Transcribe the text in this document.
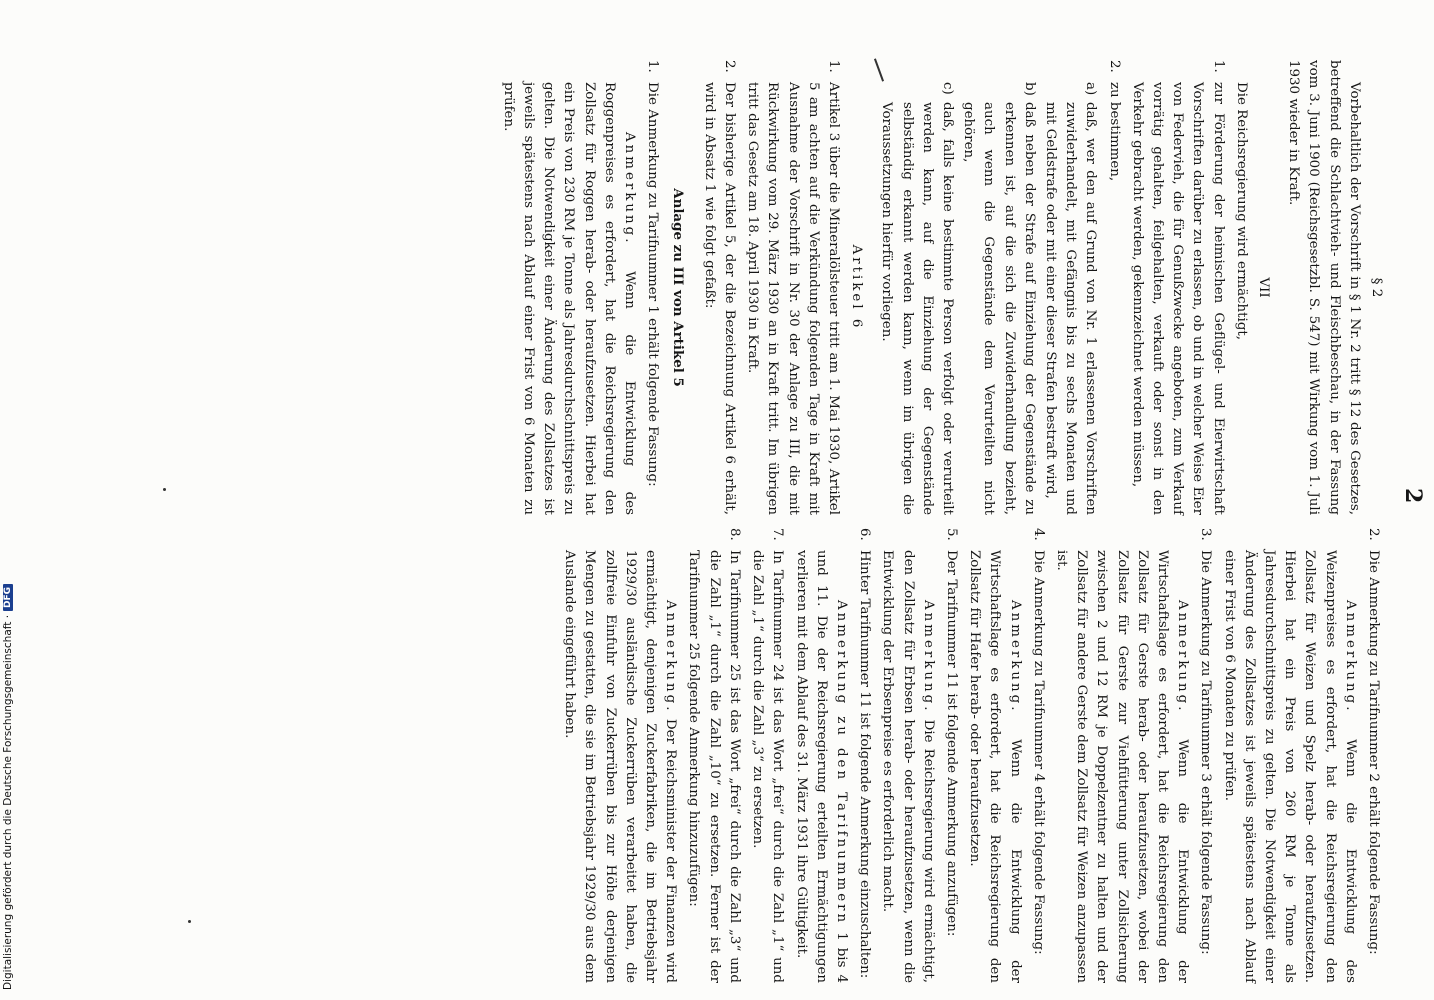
2
§ 2

Vorbehaltlich der Vorschrift in § 1 Nr. 2 tritt § 12 des Gesetzes, betreffend die Schlachtvieh- und Fleischbeschau, in der Fassung vom 3. Juni 1900 (Reichsgesetzbl. S. 547) mit Wirkung vom 1. Juli 1930 wieder in Kraft.

VII

Die Reichsregierung wird ermächtigt,

1.
zur Förderung der heimischen Geflügel- und Eierwirtschaft Vorschriften darüber zu erlassen, ob und in welcher Weise Eier von Federvieh, die für Genußzwecke angeboten, zum Verkauf vorrätig gehalten, feilgehalten, verkauft oder sonst in den Verkehr gebracht werden, gekennzeichnet werden müssen,
2.
zu bestimmen,
a)
daß, wer den auf Grund von Nr. 1 erlassenen Vorschriften zuwiderhandelt, mit Gefängnis bis zu sechs Monaten und mit Geldstrafe oder mit einer dieser Strafen bestraft wird,
b)
daß neben der Strafe auf Einziehung der Gegenstände zu erkennen ist, auf die sich die Zuwiderhandlung bezieht, auch wenn die Gegenstände dem Verurteilten nicht gehören,
c)
daß, falls keine bestimmte Person verfolgt oder verurteilt werden kann, auf die Einziehung der Gegenstände selbständig erkannt werden kann, wenn im übrigen die Voraussetzungen hierfür vorliegen.
Artikel 6
1.
Artikel 3 über die Mineralölsteuer tritt am 1. Mai 1930, Artikel 5 am achten auf die Verkündung folgenden Tage in Kraft mit Ausnahme der Vorschrift in Nr. 30 der Anlage zu III, die mit Rückwirkung vom 29. März 1930 an in Kraft tritt. Im übrigen tritt das Gesetz am 18. April 1930 in Kraft.
2.
Der bisherige Artikel 5, der die Bezeichnung Artikel 6 erhält, wird in Absatz 1 wie folgt gefaßt:
Anlage zu III von Artikel 5
1.
Die Anmerkung zu Tarifnummer 1 erhält folgende Fassung:

Anmerkung. Wenn die Entwicklung des Roggenpreises es erfordert, hat die Reichsregierung den Zollsatz für Roggen herab- oder heraufzusetzen. Hierbei hat ein Preis von 230 RM je Tonne als Jahresdurchschnittspreis zu gelten. Die Notwendigkeit einer Änderung des Zollsatzes ist jeweils spätestens nach Ablauf einer Frist von 6 Monaten zu prüfen.

2.
Die Anmerkung zu Tarifnummer 2 erhält folgende Fassung:

Anmerkung. Wenn die Entwicklung des Weizenpreises es erfordert, hat die Reichsregierung den Zollsatz für Weizen und Spelz herab- oder heraufzusetzen. Hierbei hat ein Preis von 260 RM je Tonne als Jahresdurchschnittspreis zu gelten. Die Notwendigkeit einer Änderung des Zollsatzes ist jeweils spätestens nach Ablauf einer Frist von 6 Monaten zu prüfen.

3.
Die Anmerkung zu Tarifnummer 3 erhält folgende Fassung:

Anmerkung. Wenn die Entwicklung der Wirtschaftslage es erfordert, hat die Reichsregierung den Zollsatz für Gerste herab- oder heraufzusetzen, wobei der Zollsatz für Gerste zur Viehfütterung unter Zollsicherung zwischen 2 und 12 RM je Doppelzentner zu halten und der Zollsatz für andere Gerste dem Zollsatz für Weizen anzupassen ist.

4.
Die Anmerkung zu Tarifnummer 4 erhält folgende Fassung:

Anmerkung. Wenn die Entwicklung der Wirtschaftslage es erfordert, hat die Reichsregierung den Zollsatz für Hafer herab- oder heraufzusetzen.

5.
Der Tarifnummer 11 ist folgende Anmerkung anzufügen:

Anmerkung. Die Reichsregierung wird ermächtigt, den Zollsatz für Erbsen herab- oder heraufzusetzen, wenn die Entwicklung der Erbsenpreise es erforderlich macht.

6.
Hinter Tarifnummer 11 ist folgende Anmerkung einzuschalten:

Anmerkung zu den Tarifnummern 1 bis 4 und 11. Die der Reichsregierung erteilten Ermächtigungen verlieren mit dem Ablauf des 31. März 1931 ihre Gültigkeit.

7.
In Tarifnummer 24 ist das Wort „frei“ durch die Zahl „1“ und die Zahl „1“ durch die Zahl „3“ zu ersetzen.
8.
In Tarifnummer 25 ist das Wort „frei“ durch die Zahl „3“ und die Zahl „1“ durch die Zahl „10“ zu ersetzen. Ferner ist der Tarifnummer 25 folgende Anmerkung hinzuzufügen:

Anmerkung. Der Reichsminister der Finanzen wird ermächtigt, denjenigen Zuckerfabriken, die im Betriebsjahr 1929/30 ausländische Zuckerrüben verarbeitet haben, die zollfreie Einfuhr von Zuckerrüben bis zur Höhe derjenigen Mengen zu gestatten, die sie im Betriebsjahr 1929/30 aus dem Auslande eingeführt haben.

Digitalisierung gefördert durch die Deutsche Forschungsgemeinschaft ·
DFG
